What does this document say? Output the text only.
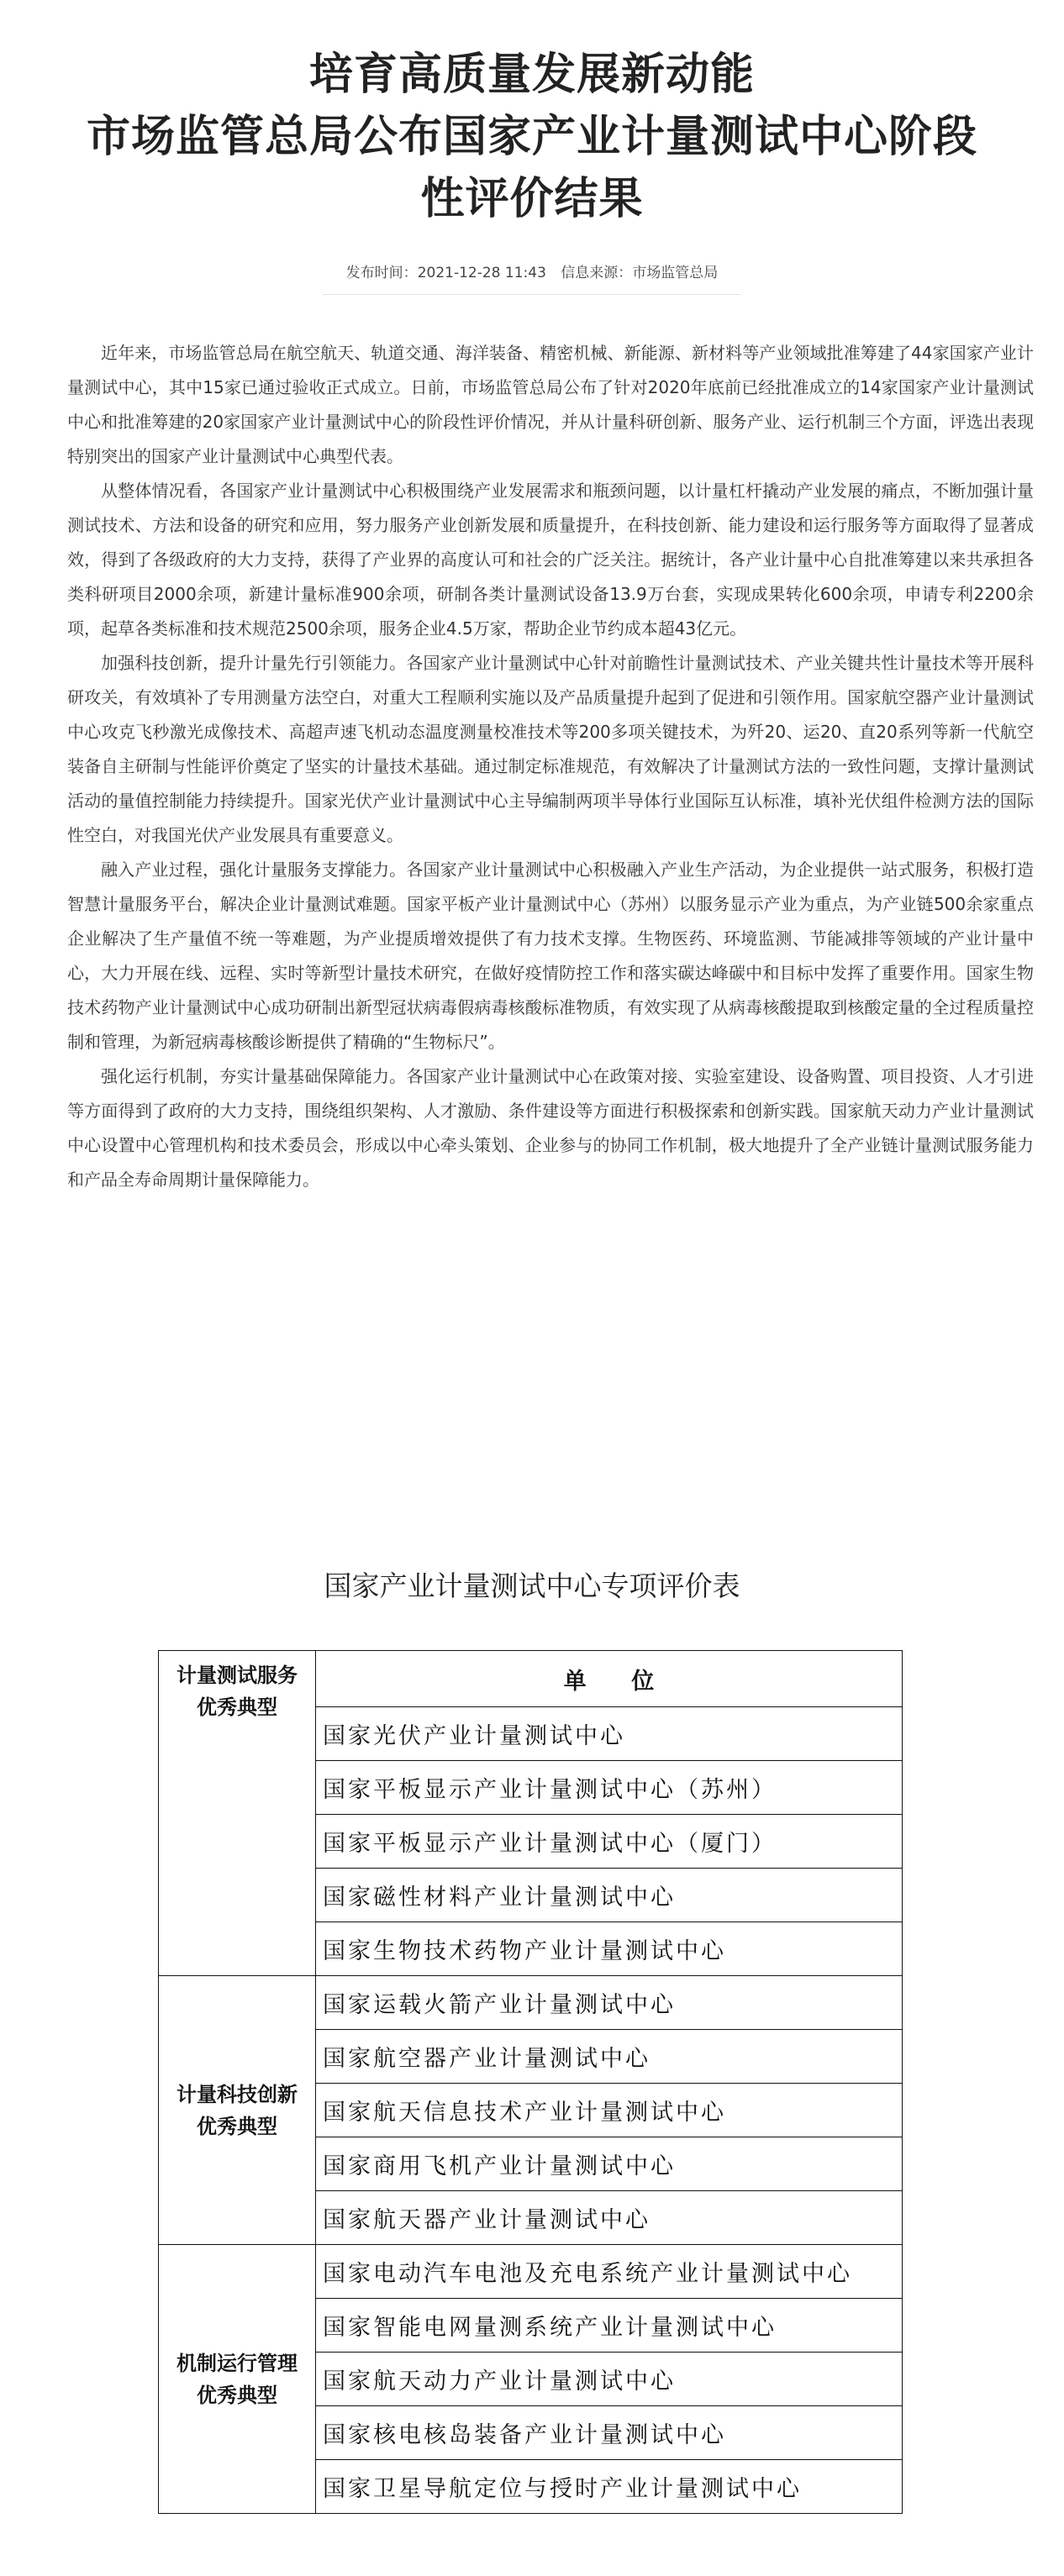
培育高质量发展新动能
市场监管总局公布国家产业计量测试中心阶段
性评价结果
发布时间：2021-12-28 11:43 信息来源：市场监管总局

近年来，市场监管总局在航空航天、轨道交通、海洋装备、精密机械、新能源、新材料等产业领域批准筹建了44家国家产业计量测试中心，其中15家已通过验收正式成立。日前，市场监管总局公布了针对2020年底前已经批准成立的14家国家产业计量测试中心和批准筹建的20家国家产业计量测试中心的阶段性评价情况，并从计量科研创新、服务产业、运行机制三个方面，评选出表现特别突出的国家产业计量测试中心典型代表。

从整体情况看，各国家产业计量测试中心积极围绕产业发展需求和瓶颈问题，以计量杠杆撬动产业发展的痛点，不断加强计量测试技术、方法和设备的研究和应用，努力服务产业创新发展和质量提升，在科技创新、能力建设和运行服务等方面取得了显著成效，得到了各级政府的大力支持，获得了产业界的高度认可和社会的广泛关注。据统计，各产业计量中心自批准筹建以来共承担各类科研项目2000余项，新建计量标准900余项，研制各类计量测试设备13.9万台套，实现成果转化600余项，申请专利2200余项，起草各类标准和技术规范2500余项，服务企业4.5万家，帮助企业节约成本超43亿元。

加强科技创新，提升计量先行引领能力。各国家产业计量测试中心针对前瞻性计量测试技术、产业关键共性计量技术等开展科研攻关，有效填补了专用测量方法空白，对重大工程顺利实施以及产品质量提升起到了促进和引领作用。国家航空器产业计量测试中心攻克飞秒激光成像技术、高超声速飞机动态温度测量校准技术等200多项关键技术，为歼20、运20、直20系列等新一代航空装备自主研制与性能评价奠定了坚实的计量技术基础。通过制定标准规范，有效解决了计量测试方法的一致性问题，支撑计量测试活动的量值控制能力持续提升。国家光伏产业计量测试中心主导编制两项半导体行业国际互认标准，填补光伏组件检测方法的国际性空白，对我国光伏产业发展具有重要意义。

融入产业过程，强化计量服务支撑能力。各国家产业计量测试中心积极融入产业生产活动，为企业提供一站式服务，积极打造智慧计量服务平台，解决企业计量测试难题。国家平板产业计量测试中心（苏州）以服务显示产业为重点，为产业链500余家重点企业解决了生产量值不统一等难题，为产业提质增效提供了有力技术支撑。生物医药、环境监测、节能减排等领域的产业计量中心，大力开展在线、远程、实时等新型计量技术研究，在做好疫情防控工作和落实碳达峰碳中和目标中发挥了重要作用。国家生物技术药物产业计量测试中心成功研制出新型冠状病毒假病毒核酸标准物质，有效实现了从病毒核酸提取到核酸定量的全过程质量控制和管理，为新冠病毒核酸诊断提供了精确的“生物标尺”。

强化运行机制，夯实计量基础保障能力。各国家产业计量测试中心在政策对接、实验室建设、设备购置、项目投资、人才引进等方面得到了政府的大力支持，围绕组织架构、人才激励、条件建设等方面进行积极探索和创新实践。国家航天动力产业计量测试中心设置中心管理机构和技术委员会，形成以中心牵头策划、企业参与的协同工作机制，极大地提升了全产业链计量测试服务能力和产品全寿命周期计量保障能力。

国家产业计量测试中心专项评价表
计量测试服务
优秀典型	单 位
	国家光伏产业计量测试中心
	国家平板显示产业计量测试中心（苏州）
	国家平板显示产业计量测试中心（厦门）
	国家磁性材料产业计量测试中心
	国家生物技术药物产业计量测试中心

计量科技创新
优秀典型	国家运载火箭产业计量测试中心
	国家航空器产业计量测试中心
	国家航天信息技术产业计量测试中心
	国家商用飞机产业计量测试中心
	国家航天器产业计量测试中心

机制运行管理
优秀典型	国家电动汽车电池及充电系统产业计量测试中心
	国家智能电网量测系统产业计量测试中心
	国家航天动力产业计量测试中心
	国家核电核岛装备产业计量测试中心
	国家卫星导航定位与授时产业计量测试中心
